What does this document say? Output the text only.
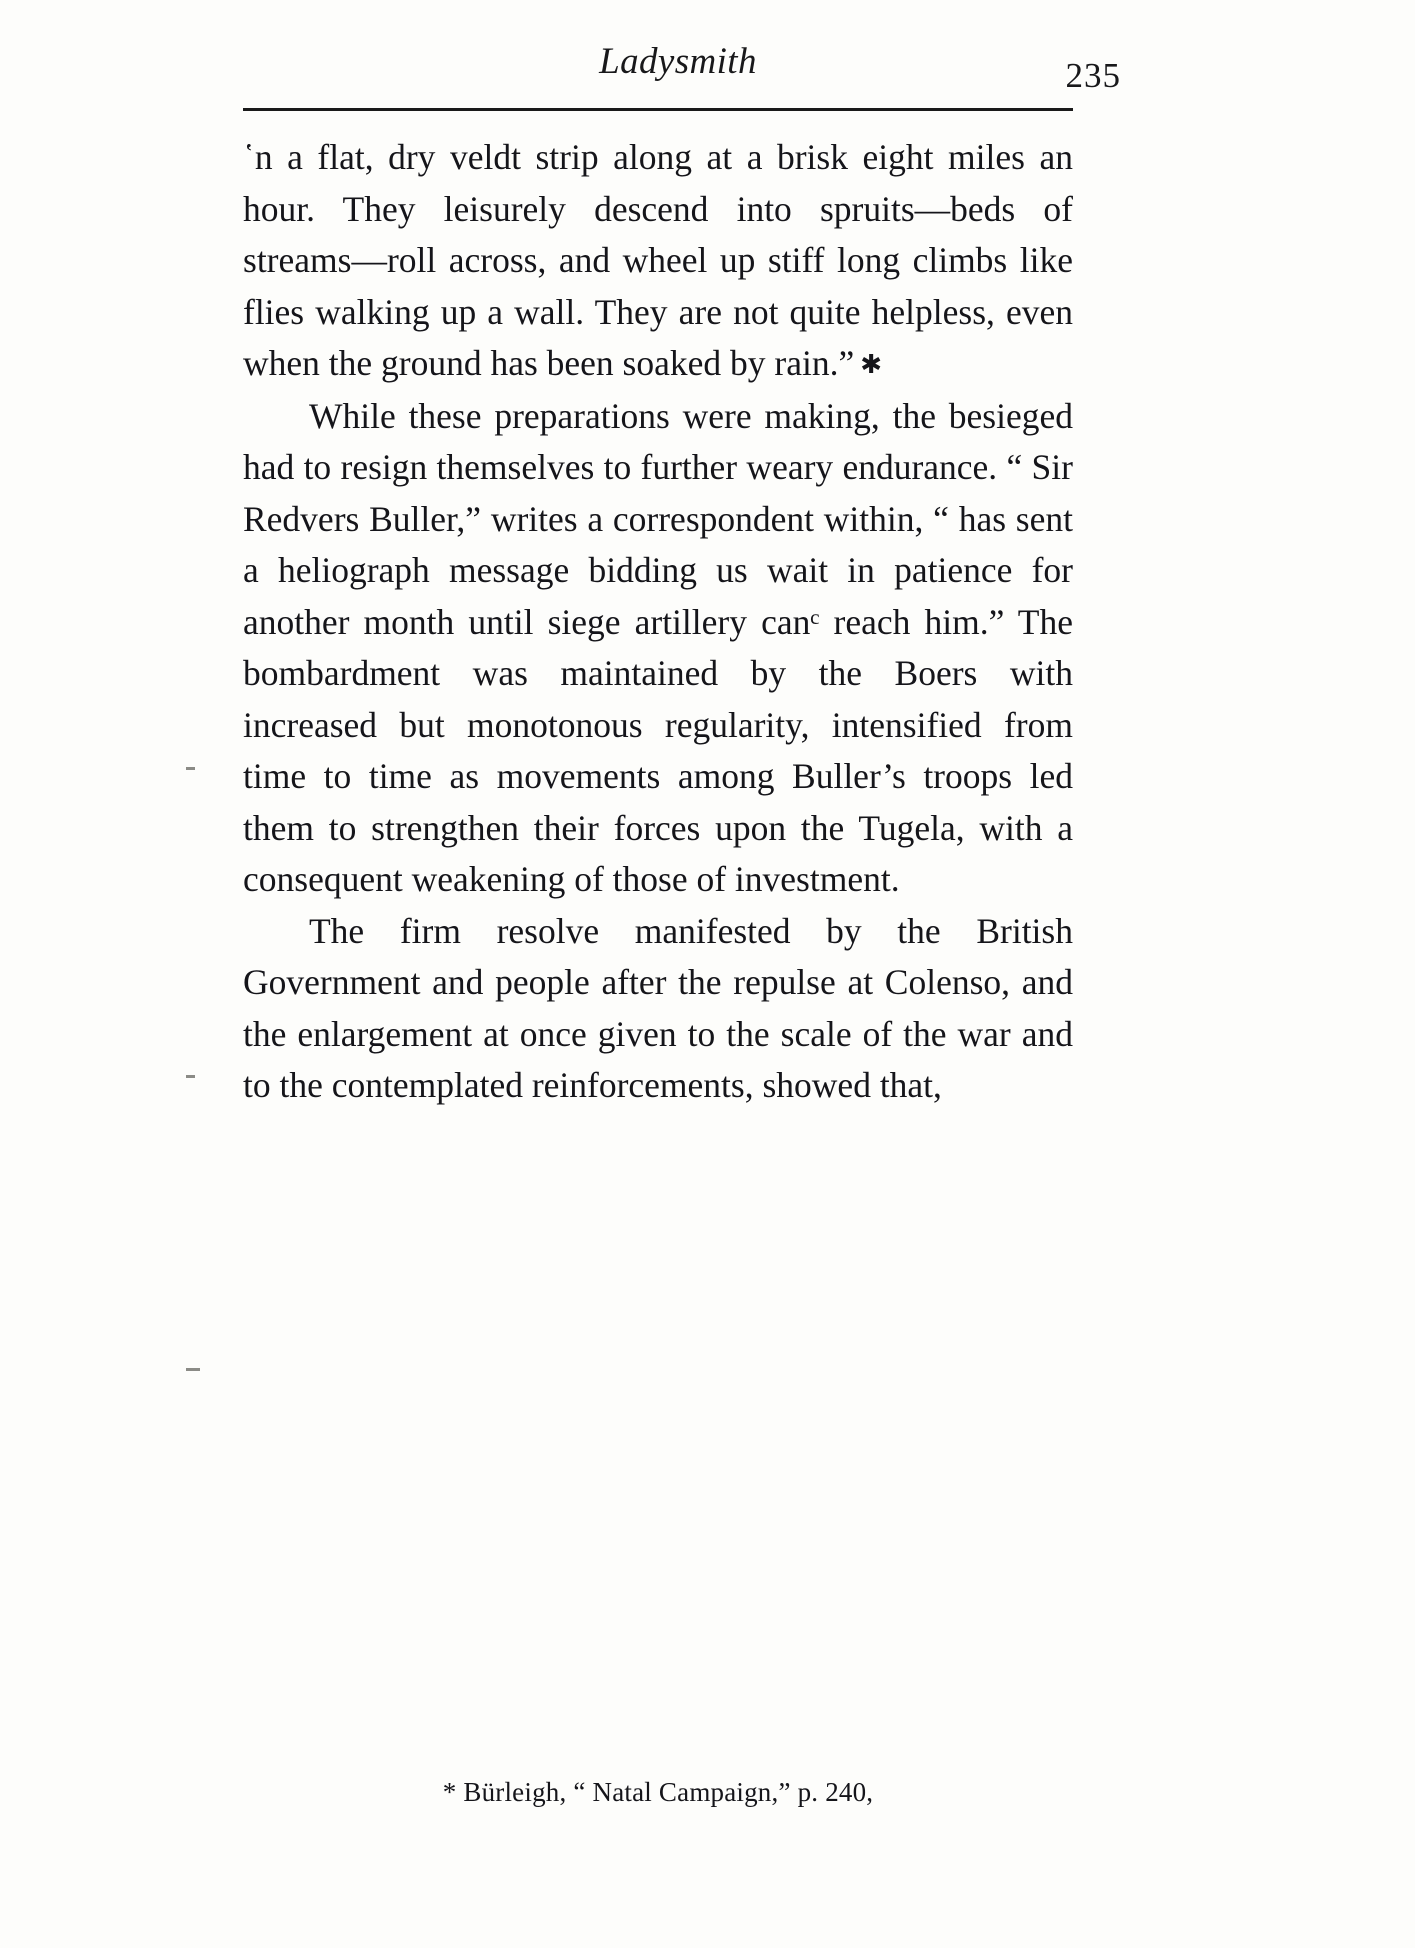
Ladysmith	235

῾n a flat, dry veldt strip along at a brisk eight miles an hour. They leisurely descend into spruits—beds of streams—roll across, and wheel up stiff long climbs like flies walking up a wall. They are not quite helpless, even when the ground has been soaked by rain.” ✱

While these preparations were making, the besieged had to resign themselves to further weary endurance. “ Sir Redvers Buller,” writes a correspondent within, “ has sent a heliograph message bidding us wait in patience for another month until siege artillery canᶜ reach him.” The bombardment was maintained by the Boers with increased but monotonous regularity, intensified from time to time as movements among Buller’s troops led them to strengthen their forces upon the Tugela, with a consequent weakening of those of investment.

The firm resolve manifested by the British Government and people after the repulse at Colenso, and the enlargement at once given to the scale of the war and to the contemplated reinforcements, showed that,

* Bürleigh, “ Natal Campaign,” p. 240,
